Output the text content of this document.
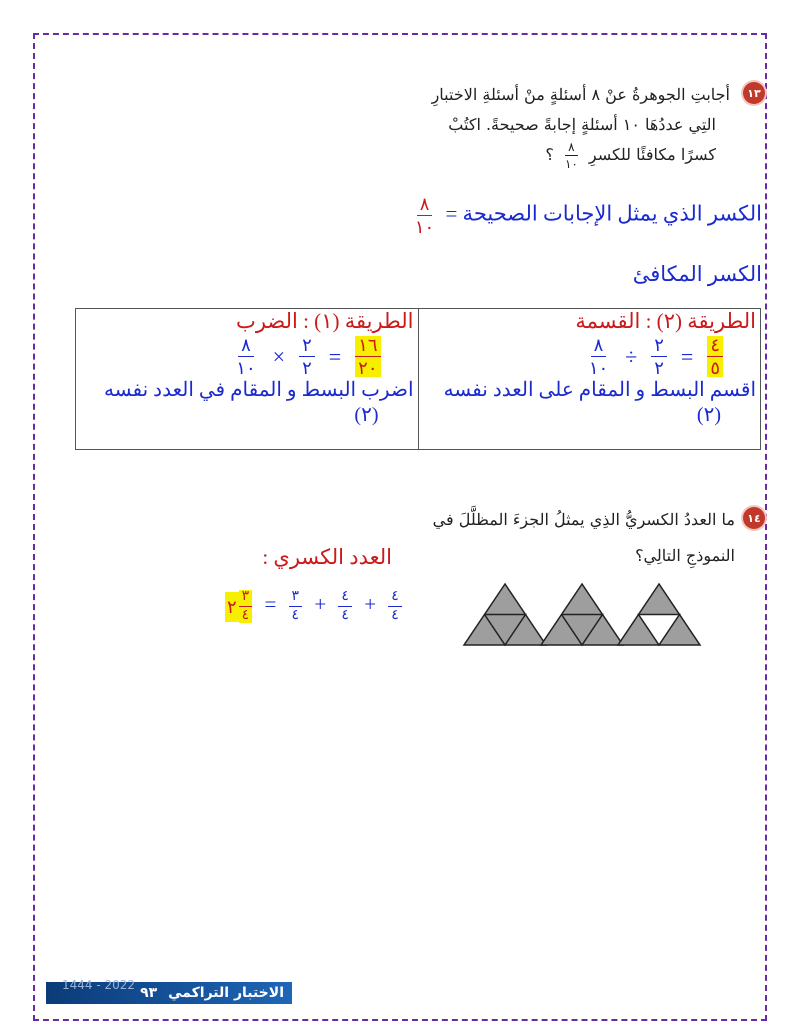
١٣
أجابتِ الجوهرةُ عنْ ٨ أسئلةٍ منْ أسئلةِ الاختبارِ
التِي عددُهَا ١٠ أسئلةٍ إجابةً صحيحةً. اكتُبْ
كسرًا مكافئًا للكسرِ
$\frac{٨}{١٠}$
؟
الكسر الذي يمثل الإجابات الصحيحة =
$\frac{٨}{١٠}$
الكسر المكافئ
الطريقة (١) : الضرب
$\frac{١٦}{٢٠}$
=
$\frac{٢}{٢}$
×
$\frac{٨}{١٠}$
اضرب البسط و المقام في العدد نفسه
(٢)

الطريقة (٢) : القسمة
$\frac{٤}{٥}$
=
$\frac{٢}{٢}$
÷
$\frac{٨}{١٠}$
اقسم البسط و المقام على العدد نفسه
(٢)
١٤
ما العددُ الكسريُّ الذِي يمثلُ الجزءَ المظلَّلَ في
النموذجِ التالِي؟
العدد الكسري :
٢ $\frac{٣}{٤} = \frac{٣}{٤} + \frac{٤}{٤} + \frac{٤}{٤}$
الاختبار التراكمي ٩٣
1444 - 2022
